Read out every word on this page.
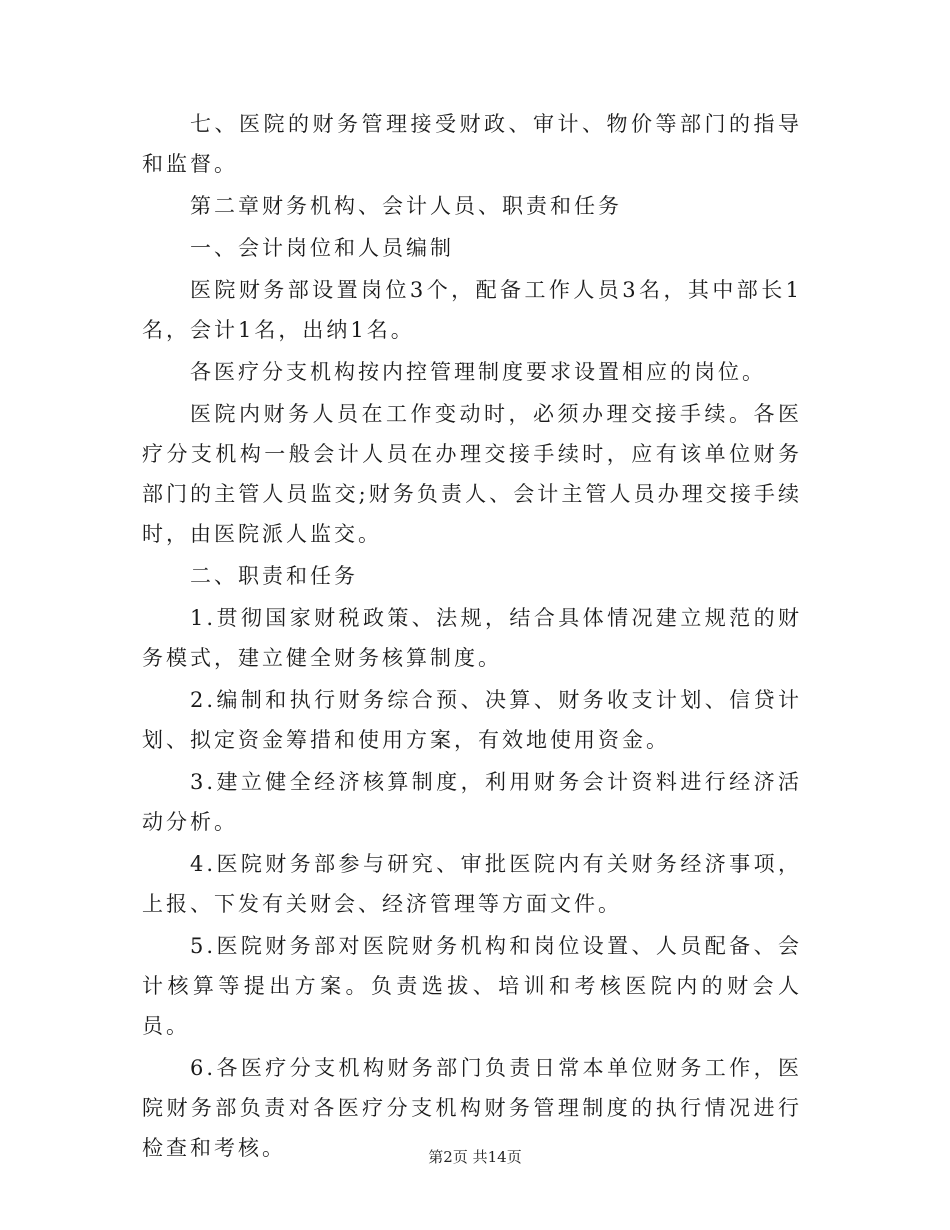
七、医院的财务管理接受财政、审计、物价等部门的指导和监督。

第二章财务机构、会计人员、职责和任务

一、会计岗位和人员编制

医院财务部设置岗位3个，配备工作人员3名，其中部长1名，会计1名，出纳1名。

各医疗分支机构按内控管理制度要求设置相应的岗位。

医院内财务人员在工作变动时，必须办理交接手续。各医疗分支机构一般会计人员在办理交接手续时，应有该单位财务部门的主管人员监交;财务负责人、会计主管人员办理交接手续时，由医院派人监交。

二、职责和任务

1.贯彻国家财税政策、法规，结合具体情况建立规范的财务模式，建立健全财务核算制度。

2.编制和执行财务综合预、决算、财务收支计划、信贷计划、拟定资金筹措和使用方案，有效地使用资金。

3.建立健全经济核算制度，利用财务会计资料进行经济活动分析。

4.医院财务部参与研究、审批医院内有关财务经济事项，上报、下发有关财会、经济管理等方面文件。

5.医院财务部对医院财务机构和岗位设置、人员配备、会计核算等提出方案。负责选拔、培训和考核医院内的财会人员。

6.各医疗分支机构财务部门负责日常本单位财务工作，医院财务部负责对各医疗分支机构财务管理制度的执行情况进行检查和考核。	第2页 共14页
